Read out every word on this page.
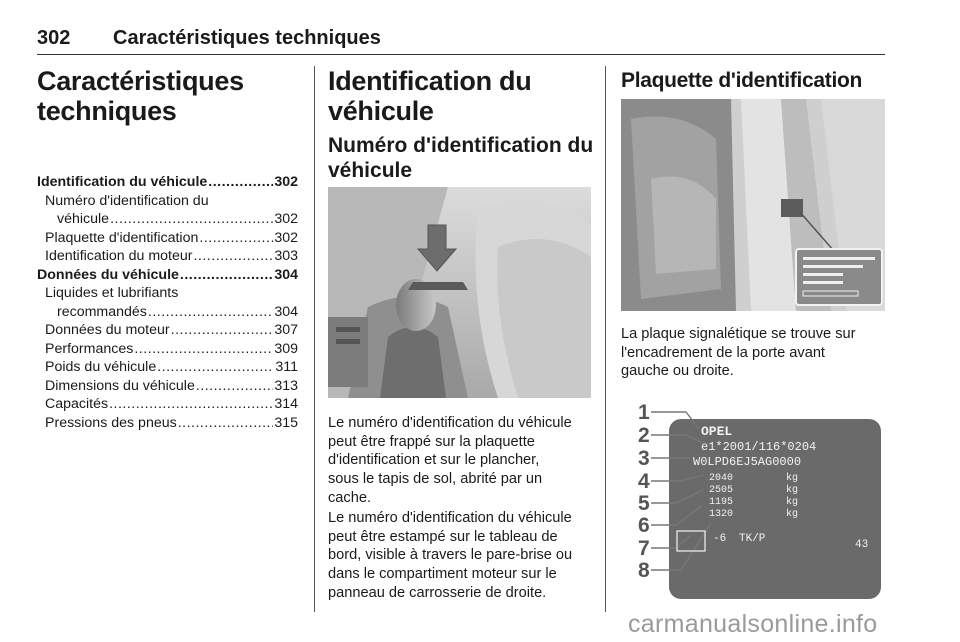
302 Caractéristiques techniques
Caractéristiques
techniques
Identification du véhicule .....	302
Numéro d'identification du
véhicule .....	302
Plaquette d'identification .....	302
Identification du moteur .....	303
Données du véhicule .....	304
Liquides et lubrifiants
recommandés .....	304
Données du moteur .....	307
Performances .....	309
Poids du véhicule .....	311
Dimensions du véhicule .....	313
Capacités .....	314
Pressions des pneus .....	315
Identification du
véhicule
Numéro d'identification du
véhicule
Le numéro d'identification du véhicule
peut être frappé sur la plaquette
d'identification et sur le plancher,
sous le tapis de sol, abrité par un
cache.
Le numéro d'identification du véhicule
peut être estampé sur le tableau de
bord, visible à travers le pare-brise ou
dans le compartiment moteur sur le
panneau de carrosserie de droite.
Plaquette d'identification
La plaque signalétique se trouve sur
l'encadrement de la porte avant
gauche ou droite.
1
2
3
4
5
6
7
8
OPEL
e1*2001/116*0204
W0LPD6EJ5AG0000
2040
2505
1195
1320
kg
kg
kg
kg
-6 TK/P	43
carmanualsonline.info
